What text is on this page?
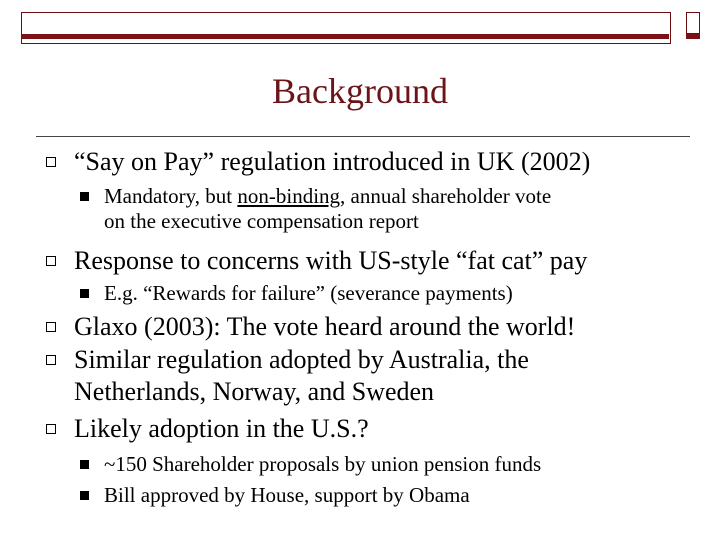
Background
“Say on Pay” regulation introduced in UK (2002)
Mandatory, but non-binding, annual shareholder vote
on the executive compensation report
Response to concerns with US-style “fat cat” pay
E.g. “Rewards for failure” (severance payments)
Glaxo (2003): The vote heard around the world!
Similar regulation adopted by Australia, the
Netherlands, Norway, and Sweden
Likely adoption in the U.S.?
~150 Shareholder proposals by union pension funds
Bill approved by House, support by Obama
